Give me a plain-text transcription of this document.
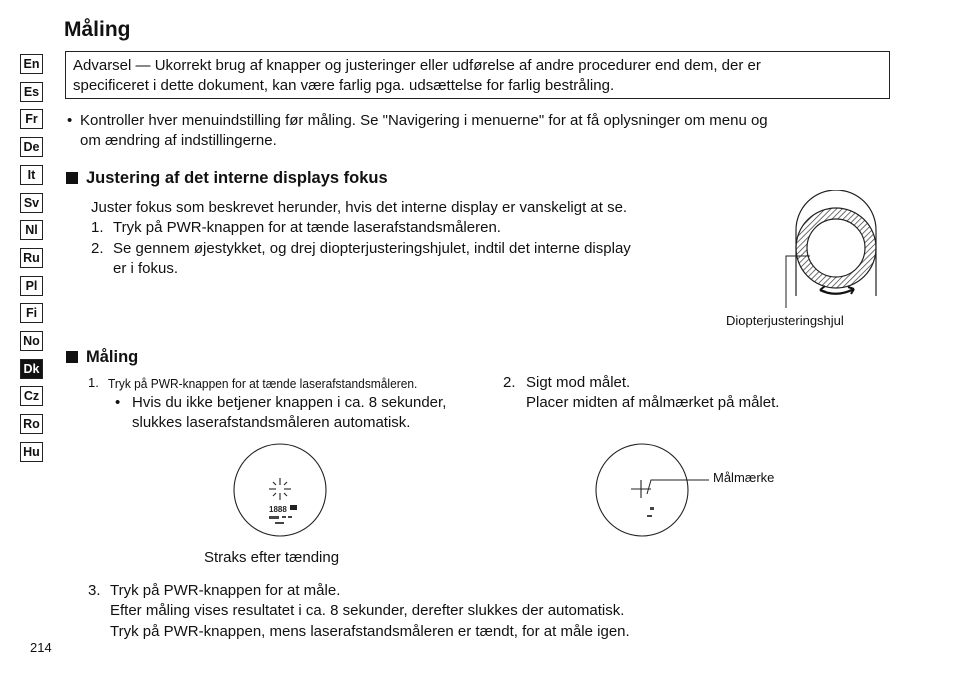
Måling
En
Es
Fr
De
It
Sv
Nl
Ru
Pl
Fi
No
Dk
Cz
Ro
Hu
Advarsel — Ukorrekt brug af knapper og justeringer eller udførelse af andre procedurer end dem, der er
specificeret i dette dokument, kan være farlig pga. udsættelse for farlig bestråling.
• Kontroller hver menuindstilling før måling. Se "Navigering i menuerne" for at få oplysninger om menu og
om ændring af indstillingerne.
Justering af det interne displays fokus
Juster fokus som beskrevet herunder, hvis det interne display er vanskeligt at se.
1. Tryk på PWR-knappen for at tænde laserafstandsmåleren.
2. Se gennem øjestykket, og drej diopterjusteringshjulet, indtil det interne display
er i fokus.
Diopterjusteringshjul
Måling
1. Tryk på PWR-knappen for at tænde laserafstandsmåleren.
• Hvis du ikke betjener knappen i ca. 8 sekunder,
slukkes laserafstandsmåleren automatisk.
2. Sigt mod målet.
Placer midten af målmærket på målet.
1888
Straks efter tænding
Målmærke
3. Tryk på PWR-knappen for at måle.
Efter måling vises resultatet i ca. 8 sekunder, derefter slukkes der automatisk.
Tryk på PWR-knappen, mens laserafstandsmåleren er tændt, for at måle igen.
214
